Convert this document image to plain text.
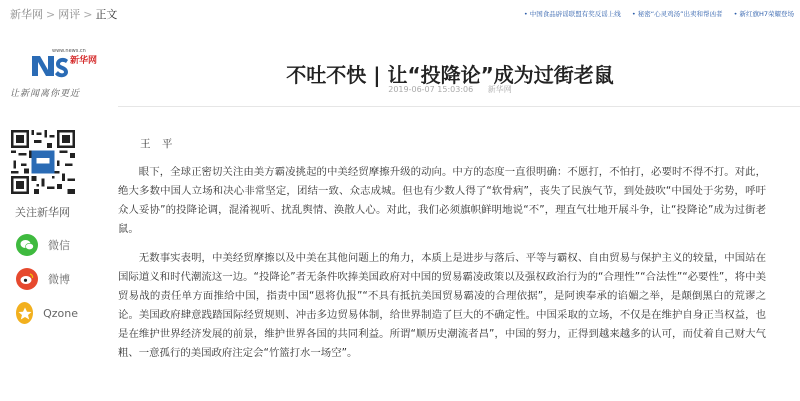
新华网 > 网评 > 正文	• 中国食品辟谣联盟有奖反谣上线 • 秘密“心灵鸡汤”出卖和帮凶者 • 新红旗H7荣耀登场
www.news.cn
新华网
让新闻离你更近
不吐不快 | 让“投降论”成为过街老鼠
2019-06-07 15:03:06 新华网
关注新华网
微信
微博
Qzone
王 平

眼下，全球正密切关注由美方霸凌挑起的中美经贸摩擦升级的动向。中方的态度一直很明确：不愿打，不怕打，必要时不得不打。对此，绝大多数中国人立场和决心非常坚定，团结一致、众志成城。但也有少数人得了“软骨病”，丧失了民族气节，到处鼓吹“中国处于劣势，呼吁众人妥协”的投降论调，混淆视听、扰乱舆情、涣散人心。对此，我们必须旗帜鲜明地说“不”，理直气壮地开展斗争，让“投降论”成为过街老鼠。

无数事实表明，中美经贸摩擦以及中美在其他问题上的角力，本质上是进步与落后、平等与霸权、自由贸易与保护主义的较量，中国站在国际道义和时代潮流这一边。“投降论”者无条件吹捧美国政府对中国的贸易霸凌政策以及强权政治行为的“合理性”“合法性”“必要性”，将中美贸易战的责任单方面推给中国，指责中国“恩将仇报”“不具有抵抗美国贸易霸凌的合理依据”，是阿谀奉承的谄媚之举，是颠倒黑白的荒谬之论。美国政府肆意践踏国际经贸规则、冲击多边贸易体制，给世界制造了巨大的不确定性。中国采取的立场，不仅是在维护自身正当权益，也是在维护世界经济发展的前景，维护世界各国的共同利益。所谓“顺历史潮流者昌”，中国的努力，正得到越来越多的认可，而仗着自己财大气粗、一意孤行的美国政府注定会“竹篮打水一场空”。
